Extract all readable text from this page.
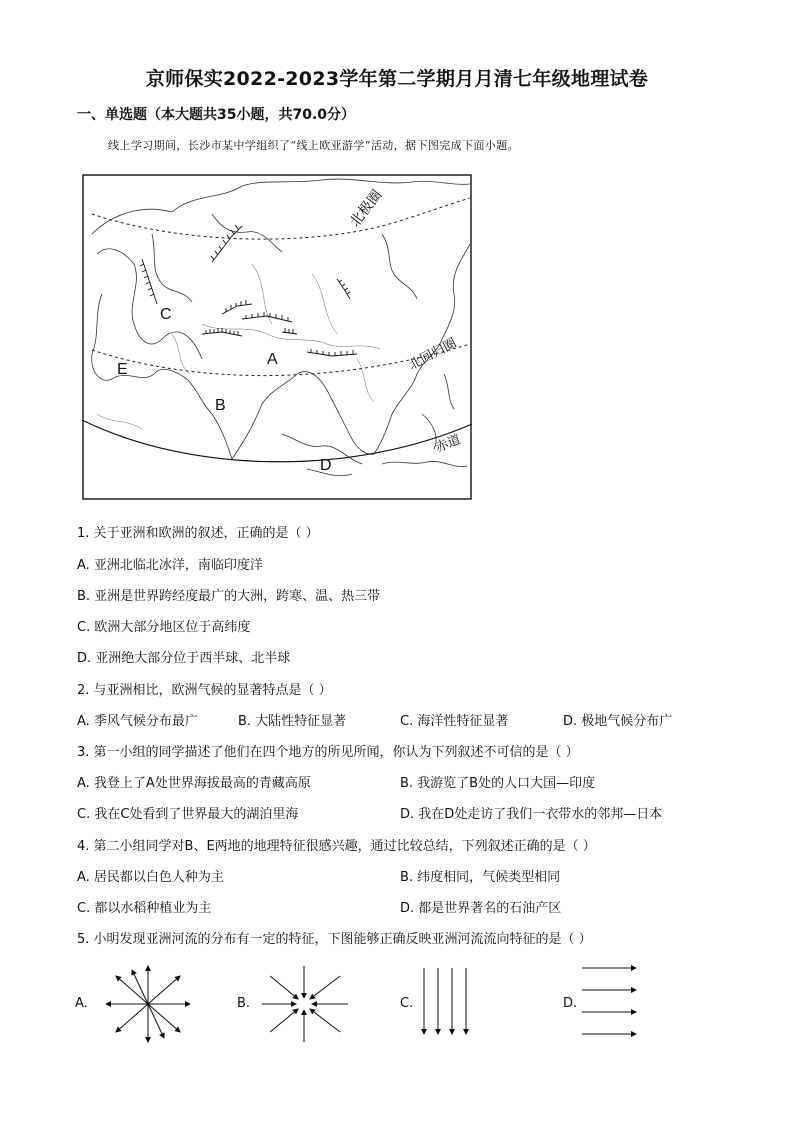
京师保实2022-2023学年第二学期月月清七年级地理试卷
一、单选题（本大题共35小题，共70.0分）
线上学习期间，长沙市某中学组织了“线上欧亚游学”活动，据下图完成下面小题。
北极圈
北回归圈
赤道
A
B
C
D
E
1. 关于亚洲和欧洲的叙述，正确的是（ ）
A. 亚洲北临北冰洋，南临印度洋
B. 亚洲是世界跨经度最广的大洲，跨寒、温、热三带
C. 欧洲大部分地区位于高纬度
D. 亚洲绝大部分位于西半球、北半球
2. 与亚洲相比，欧洲气候的显著特点是（ ）
A. 季风气候分布最广	B. 大陆性特征显著	C. 海洋性特征显著	D. 极地气候分布广
3. 第一小组的同学描述了他们在四个地方的所见所闻，你认为下列叙述不可信的是（ ）
A. 我登上了A处世界海拔最高的青藏高原	B. 我游览了B处的人口大国—印度
C. 我在C处看到了世界最大的湖泊里海	D. 我在D处走访了我们一衣带水的邻邦—日本
4. 第二小组同学对B、E两地的地理特征很感兴趣，通过比较总结，下列叙述正确的是（ ）
A. 居民都以白色人种为主	B. 纬度相同，气候类型相同
C. 都以水稻种植业为主	D. 都是世界著名的石油产区
5. 小明发现亚洲河流的分布有一定的特征，下图能够正确反映亚洲河流流向特征的是（ ）
A.	B.	C.	D.
